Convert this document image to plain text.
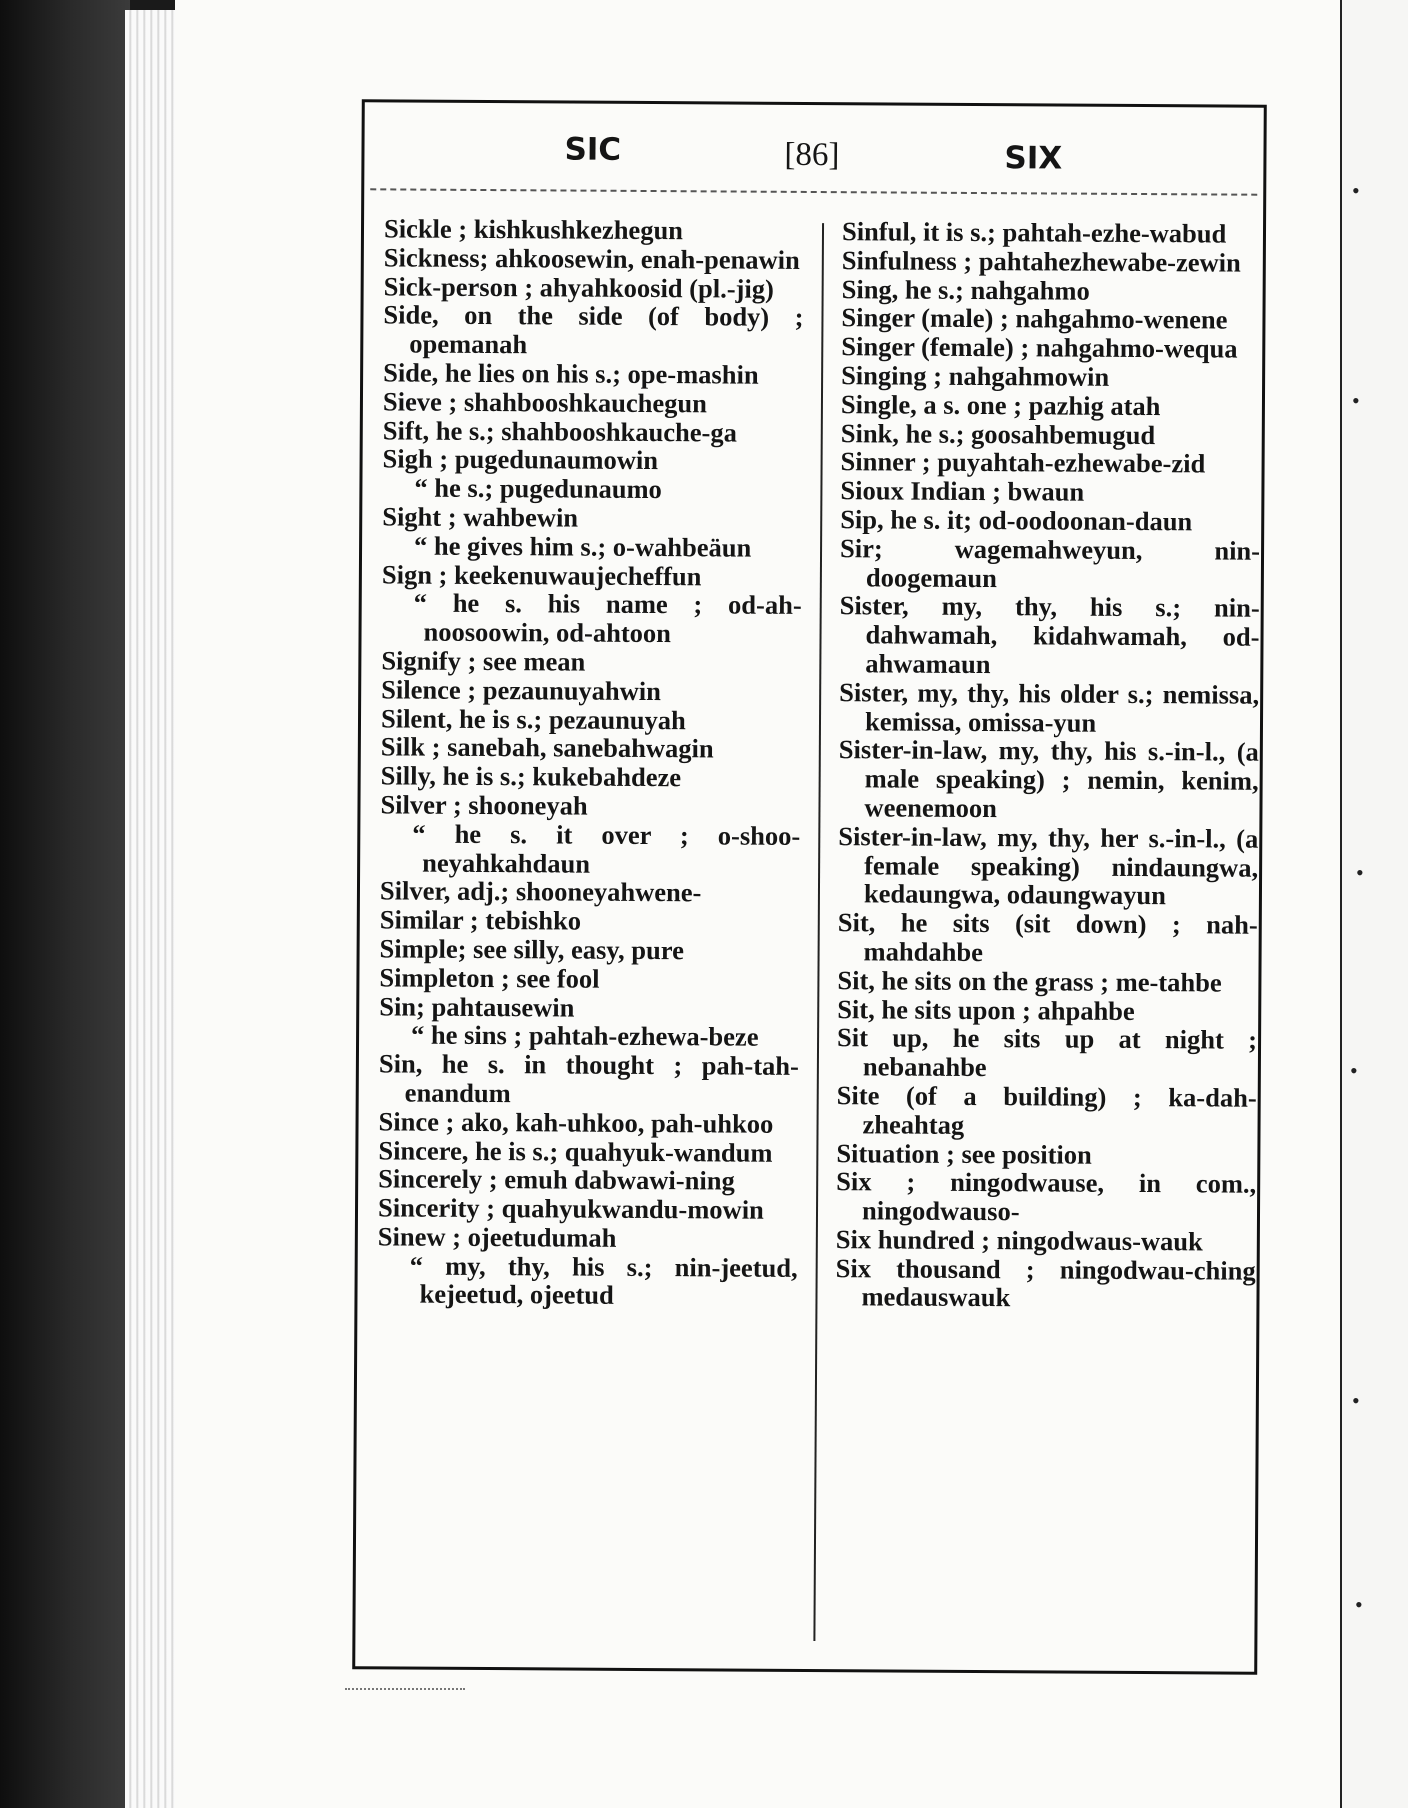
•
•
•
•
•
•
SIC	[86]	SIX
Sickle ; kishkushkezhegun
Sickness; ahkoosewin, enah-penawin
Sick-person ; ahyahkoosid (pl.-jig)
Side, on the side (of body) ; opemanah
Side, he lies on his s.; ope-mashin
Sieve ; shahbooshkauchegun
Sift, he s.; shahbooshkauche-ga
Sigh ; pugedunaumowin
“ he s.; pugedunaumo
Sight ; wahbewin
“ he gives him s.; o-wahbeäun
Sign ; keekenuwaujecheffun
“ he s. his name ; od-ah-noosoowin, od-ahtoon
Signify ; see mean
Silence ; pezaunuyahwin
Silent, he is s.; pezaunuyah
Silk ; sanebah, sanebahwagin
Silly, he is s.; kukebahdeze
Silver ; shooneyah
“ he s. it over ; o-shoo-neyahkahdaun
Silver, adj.; shooneyahwene-
Similar ; tebishko
Simple; see silly, easy, pure
Simpleton ; see fool
Sin; pahtausewin
“ he sins ; pahtah-ezhewa-beze
Sin, he s. in thought ; pah-tah-enandum
Since ; ako, kah-uhkoo, pah-uhkoo
Sincere, he is s.; quahyuk-wandum
Sincerely ; emuh dabwawi-ning
Sincerity ; quahyukwandu-mowin
Sinew ; ojeetudumah
“ my, thy, his s.; nin-jeetud, kejeetud, ojeetud
Sinful, it is s.; pahtah-ezhe-wabud
Sinfulness ; pahtahezhewabe-zewin
Sing, he s.; nahgahmo
Singer (male) ; nahgahmo-wenene
Singer (female) ; nahgahmo-wequa
Singing ; nahgahmowin
Single, a s. one ; pazhig atah
Sink, he s.; goosahbemugud
Sinner ; puyahtah-ezhewabe-zid
Sioux Indian ; bwaun
Sip, he s. it; od-oodoonan-daun
Sir; wagemahweyun, nin-doogemaun
Sister, my, thy, his s.; nin-dahwamah, kidahwamah, od-ahwamaun
Sister, my, thy, his older s.; nemissa, kemissa, omissa-yun
Sister-in-law, my, thy, his s.-in-l., (a male speaking) ; nemin, kenim, weenemoon
Sister-in-law, my, thy, her s.-in-l., (a female speaking) nindaungwa, kedaungwa, odaungwayun
Sit, he sits (sit down) ; nah-mahdahbe
Sit, he sits on the grass ; me-tahbe
Sit, he sits upon ; ahpahbe
Sit up, he sits up at night ; nebanahbe
Site (of a building) ; ka-dah-zheahtag
Situation ; see position
Six ; ningodwause, in com., ningodwauso-
Six hundred ; ningodwaus-wauk
Six thousand ; ningodwau-ching medauswauk
